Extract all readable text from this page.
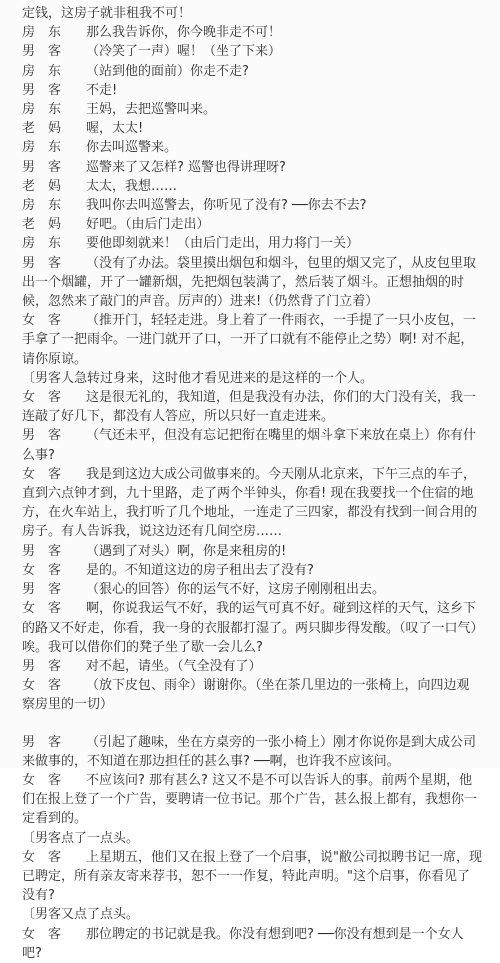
定钱，这房子就非租我不可！
房　东 那么我告诉你，你今晚非走不可！
男　客 （冷笑了一声）喔！（坐了下来）
房　东 （站到他的面前）你走不走?
男　客 不走!
房　东 王妈，去把巡警叫来。
老　妈 喔，太太!
房　东 你去叫巡警来。
男　客 巡警来了又怎样? 巡警也得讲理呀?
老　妈 太太，我想……
房　东 我叫你去叫巡警去，你听见了没有? ──你去不去?
老　妈 好吧。（由后门走出）
房　东 要他即刻就来！（由后门走出，用力将门一关）
男　客 （没有了办法。袋里摸出烟包和烟斗，包里的烟又完了，从皮包里取出一个烟罐，开了一罐新烟，先把烟包装满了，然后装了烟斗。正想抽烟的时候，忽然来了敲门的声音。厉声的）进来!（仍然背了门立着）
女　客 （推开门，轻轻走进。身上着了一件雨衣，一手提了一只小皮包，一手拿了一把雨伞。一进门就开了口，一开了口就有不能停止之势）啊! 对不起，请你原谅。
〔男客人急转过身来，这时他才看见进来的是这样的一个人。
女　客 这是很无礼的，我知道，但是我没有办法，你们的大门没有关，我一连敲了好几下，都没有人答应，所以只好一直走进来。
男　客 （气还未平，但没有忘记把衔在嘴里的烟斗拿下来放在桌上）你有什么事?
女　客 我是到这边大成公司做事来的。今天刚从北京来，下午三点的车子，直到六点钟才到，九十里路，走了两个半钟头，你看! 现在我要找一个住宿的地方，在火车站上，我打听了几个地址，一连走了三四家，都没有找到一间合用的房子。有人告诉我，说这边还有几间空房……
男　客 （遇到了对头）啊，你是来租房的!
女　客 是的。不知道这边的房子租出去了没有?
男　客 （狠心的回答）你的运气不好，这房子刚刚租出去。
女　客 啊，你说我运气不好，我的运气可真不好。碰到这样的天气，这乡下的路又不好走，你看，我一身的衣服都打湿了。两只脚步得发酸。（叹了一口气）唉。我可以借你们的凳子坐了歇一会儿么?
男　客 对不起，请坐。（气全没有了）
女　客 （放下皮包、雨伞）谢谢你。（坐在茶几里边的一张椅上，向四边观察房里的一切）
男　客 （引起了趣味，坐在方桌旁的一张小椅上）刚才你说你是到大成公司来做事的，不知道在那边担任的甚么事? ──啊，也许我不应该问。
女　客 不应该问? 那有甚么? 这又不是不可以告诉人的事。前两个星期，他们在报上登了一个广告，要聘请一位书记。那个广告，甚么报上都有，我想你一定看到的。
〔男客点了一点头。
女　客 上星期五，他们又在报上登了一个启事，说"敝公司拟聘书记一席，现已聘定，所有亲友寄来荐书，恕不一一作复，特此声明。"这个启事，你看见了没有?
〔男客又点了点头。
女　客 那位聘定的书记就是我。你没有想到吧? ──你没有想到是一个女人吧?
